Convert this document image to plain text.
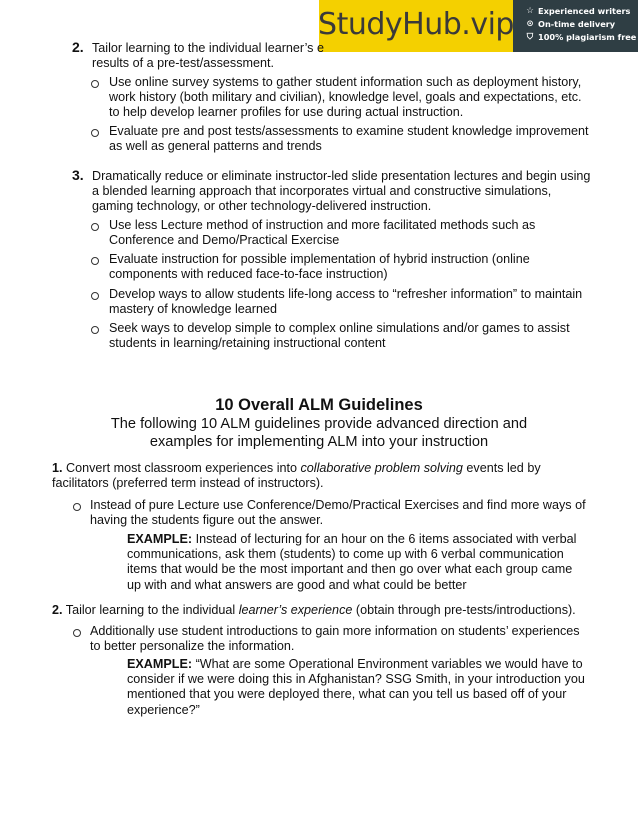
StudyHub.vip ☆ Experienced writers
⊙ On-time delivery
⛉ 100% plagiarism free
2. Tailor learning to the individual learner’s e
results of a pre-test/assessment.
Use online survey systems to gather student information such as deployment history,
work history (both military and civilian), knowledge level, goals and expectations, etc.
to help develop learner profiles for use during actual instruction.
Evaluate pre and post tests/assessments to examine student knowledge improvement
as well as general patterns and trends
3. Dramatically reduce or eliminate instructor-led slide presentation lectures and begin using
a blended learning approach that incorporates virtual and constructive simulations,
gaming technology, or other technology-delivered instruction.
Use less Lecture method of instruction and more facilitated methods such as
Conference and Demo/Practical Exercise
Evaluate instruction for possible implementation of hybrid instruction (online
components with reduced face-to-face instruction)
Develop ways to allow students life-long access to “refresher information” to maintain
mastery of knowledge learned
Seek ways to develop simple to complex online simulations and/or games to assist
students in learning/retaining instructional content
10 Overall ALM Guidelines
The following 10 ALM guidelines provide advanced direction and
examples for implementing ALM into your instruction
1. Convert most classroom experiences into collaborative problem solving events led by
facilitators (preferred term instead of instructors).
Instead of pure Lecture use Conference/Demo/Practical Exercises and find more ways of
having the students figure out the answer.
EXAMPLE: Instead of lecturing for an hour on the 6 items associated with verbal
communications, ask them (students) to come up with 6 verbal communication
items that would be the most important and then go over what each group came
up with and what answers are good and what could be better
2. Tailor learning to the individual learner’s experience (obtain through pre-tests/introductions).
Additionally use student introductions to gain more information on students’ experiences
to better personalize the information.
EXAMPLE: “What are some Operational Environment variables we would have to
consider if we were doing this in Afghanistan? SSG Smith, in your introduction you
mentioned that you were deployed there, what can you tell us based off of your
experience?”
